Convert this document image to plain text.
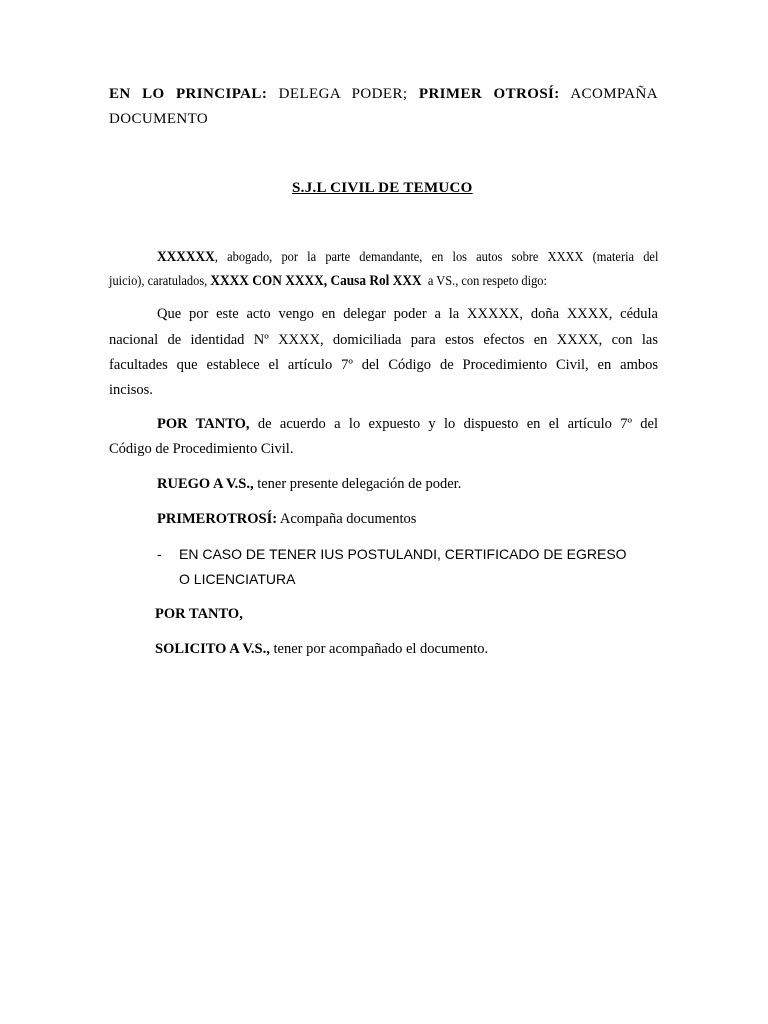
EN LO PRINCIPAL: DELEGA PODER; PRIMER OTROSÍ: ACOMPAÑA
DOCUMENTO
S.J.L CIVIL DE TEMUCO
XXXXXX, abogado, por la parte demandante, en los autos sobre XXXX (materia del
juicio), caratulados, XXXX CON XXXX, Causa Rol XXX a VS., con respeto digo:
Que por este acto vengo en delegar poder a la XXXXX, doña XXXX, cédula
nacional de identidad Nº XXXX, domiciliada para estos efectos en XXXX, con las
facultades que establece el artículo 7º del Código de Procedimiento Civil, en ambos
incisos.
POR TANTO, de acuerdo a lo expuesto y lo dispuesto en el artículo 7º del
Código de Procedimiento Civil.
RUEGO A V.S., tener presente delegación de poder.
PRIMEROTROSÍ: Acompaña documentos
- EN CASO DE TENER IUS POSTULANDI, CERTIFICADO DE EGRESO
O LICENCIATURA
POR TANTO,
SOLICITO A V.S., tener por acompañado el documento.
